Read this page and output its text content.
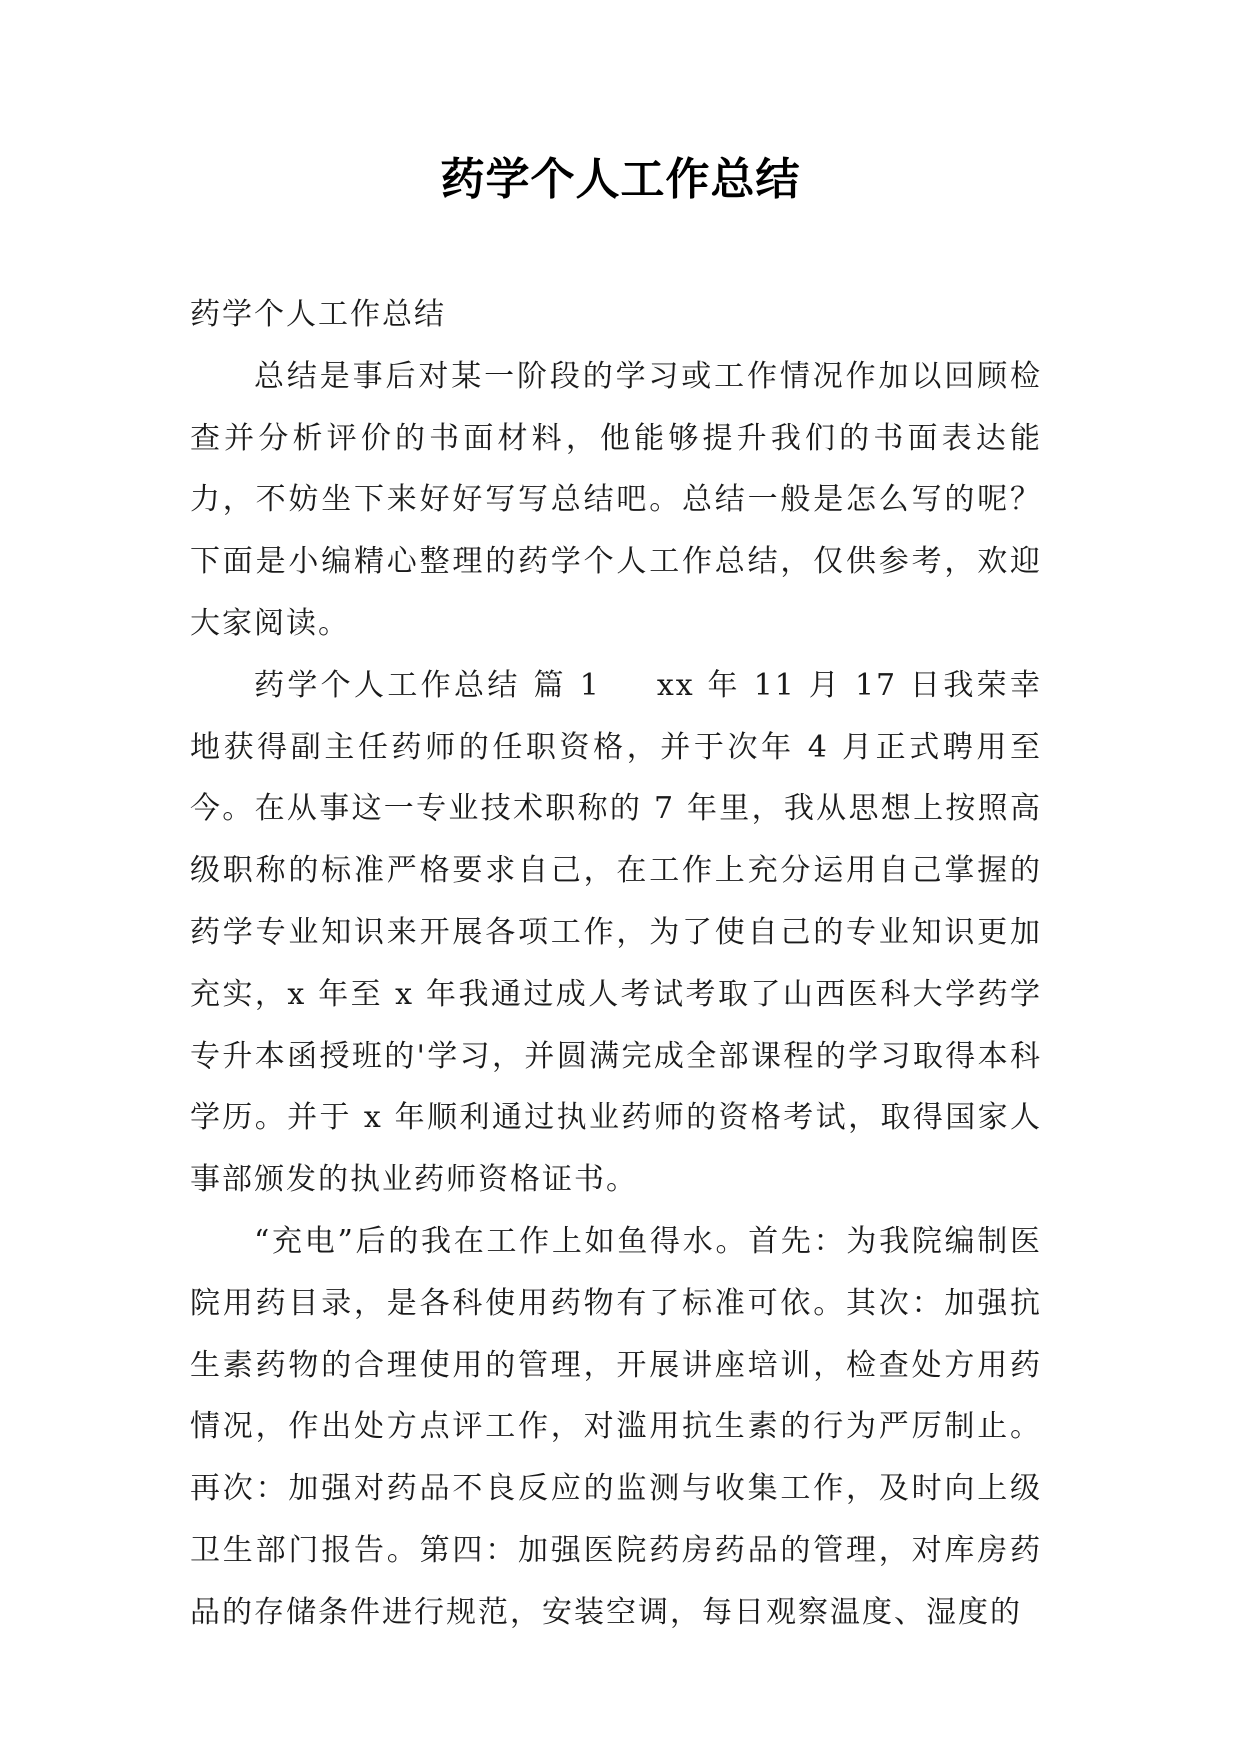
药学个人工作总结

药学个人工作总结

总结是事后对某一阶段的学习或工作情况作加以回顾检查并分析评价的书面材料，他能够提升我们的书面表达能力，不妨坐下来好好写写总结吧。总结一般是怎么写的呢？下面是小编精心整理的药学个人工作总结，仅供参考，欢迎大家阅读。

药学个人工作总结 篇 1 xx 年 11 月 17 日我荣幸地获得副主任药师的任职资格，并于次年 4 月正式聘用至今。在从事这一专业技术职称的 7 年里，我从思想上按照高级职称的标准严格要求自己，在工作上充分运用自己掌握的药学专业知识来开展各项工作，为了使自己的专业知识更加充实，x 年至 x 年我通过成人考试考取了山西医科大学药学专升本函授班的'学习，并圆满完成全部课程的学习取得本科学历。并于 x 年顺利通过执业药师的资格考试，取得国家人事部颁发的执业药师资格证书。

“充电”后的我在工作上如鱼得水。首先：为我院编制医院用药目录，是各科使用药物有了标准可依。其次：加强抗生素药物的合理使用的管理，开展讲座培训，检查处方用药情况，作出处方点评工作，对滥用抗生素的行为严厉制止。再次：加强对药品不良反应的监测与收集工作，及时向上级卫生部门报告。第四：加强医院药房药品的管理，对库房药品的存储条件进行规范，安装空调，每日观察温度、湿度的
